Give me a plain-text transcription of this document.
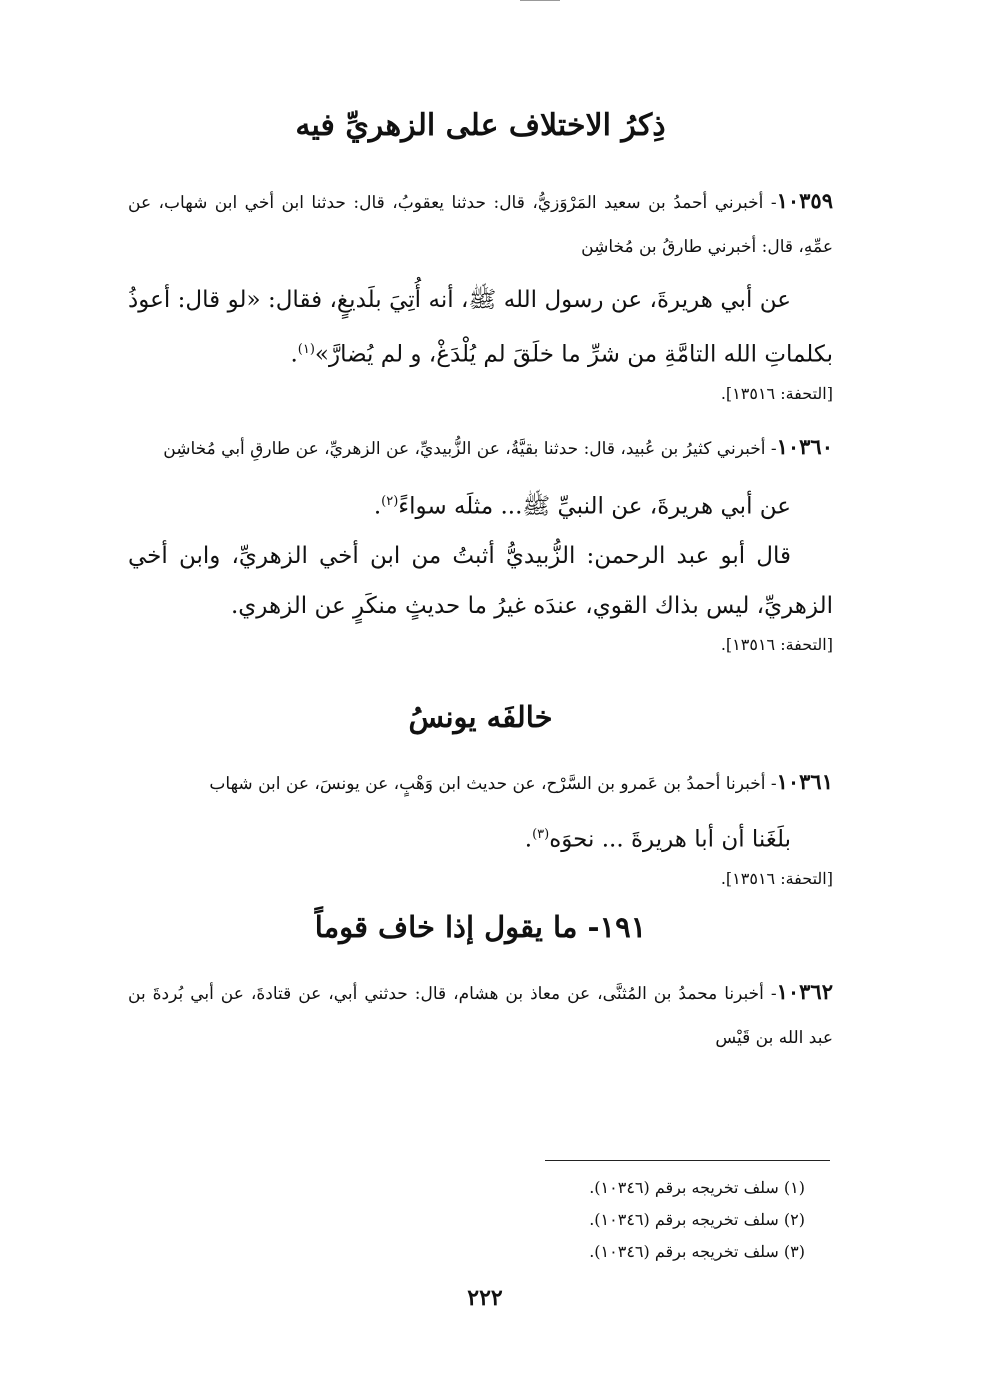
ذِكرُ الاختلاف على الزهريِّ فيه

١٠٣٥٩- أخبرني أحمدُ بن سعيد المَرْوَزيُّ، قال: حدثنا يعقوبُ، قال: حدثنا ابن أخي ابن شهاب، عن عمِّهِ، قال: أخبرني طارقُ بن مُخاشِن

عن أبي هريرةَ، عن رسول الله ﷺ، أنه أُتِيَ بلَديغٍ، فقال: «لو قال: أعوذُ بكلماتِ الله التامَّةِ من شرِّ ما خلَقَ لم يُلْدَغْ، و لم يُضارَّ»$^{(١)}$.

[التحفة: ١٣٥١٦].

١٠٣٦٠- أخبرني كثيرُ بن عُبيد، قال: حدثنا بقيَّةُ، عن الزُّبيديِّ، عن الزهريِّ، عن طارقِ أبي مُخاشِن

عن أبي هريرةَ، عن النبيِّ ﷺ... مثلَه سواءً$^{(٢)}$.

قال أبو عبد الرحمن: الزُّبيديُّ أثبتُ من ابن أخي الزهريِّ، وابن أخي الزهريِّ، ليس بذاك القوي، عندَه غيرُ ما حديثٍ منكَرٍ عن الزهري.

[التحفة: ١٣٥١٦].

خالفَه يونسُ

١٠٣٦١- أخبرنا أحمدُ بن عَمرو بن السَّرْح، عن حديث ابن وَهْبٍ، عن يونسَ، عن ابن شهاب

بلَغَنا أن أبا هريرةَ ... نحوَه$^{(٣)}$.

[التحفة: ١٣٥١٦].

١٩١- ما يقول إذا خاف قوماً

١٠٣٦٢- أخبرنا محمدُ بن المُثنَّى، عن معاذ بن هشام، قال: حدثني أبي، عن قتادةَ، عن أبي بُردةَ بن عبد الله بن قَيْس

(١) سلف تخريجه برقم (١٠٣٤٦).
(٢) سلف تخريجه برقم (١٠٣٤٦).
(٣) سلف تخريجه برقم (١٠٣٤٦).
٢٢٢
